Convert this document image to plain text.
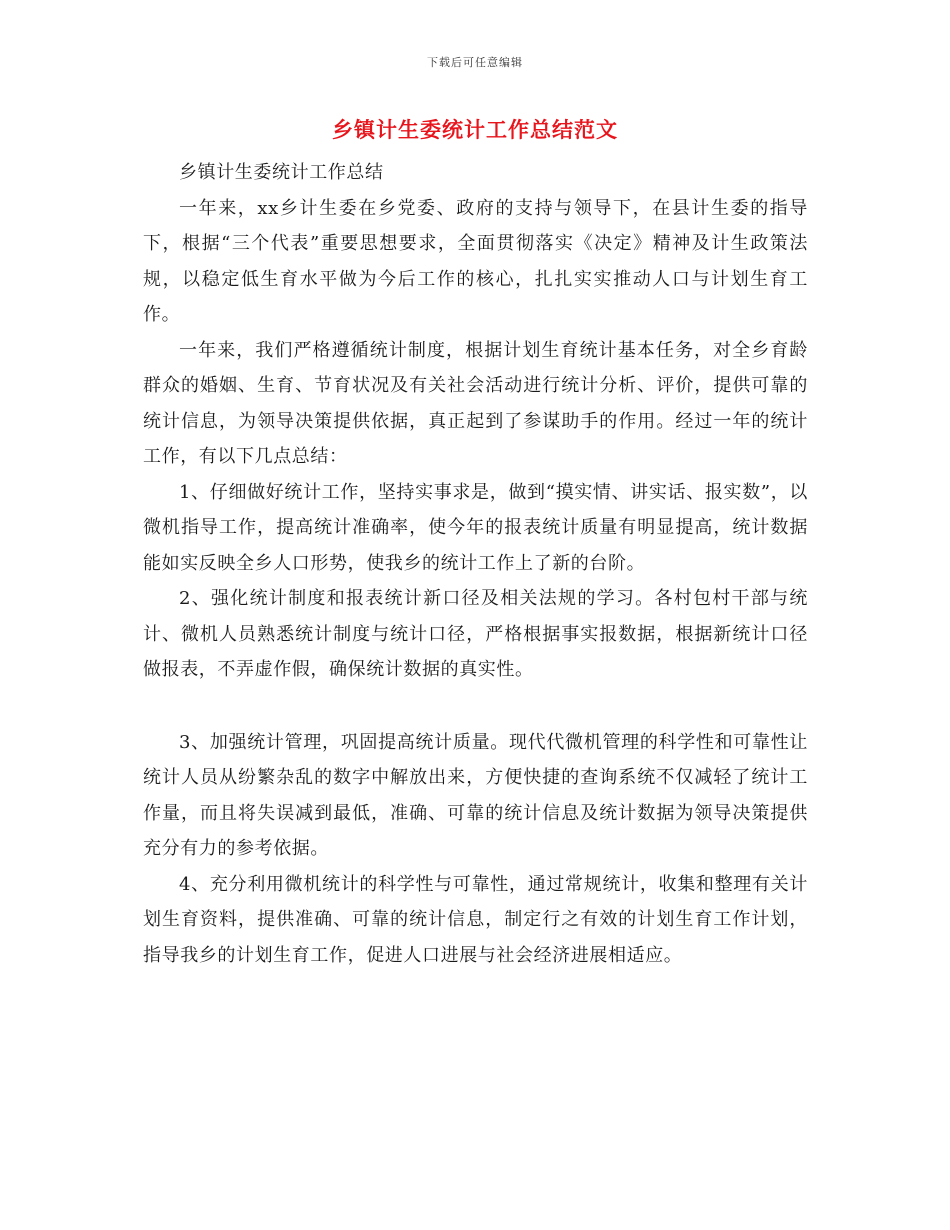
下载后可任意编辑
乡镇计生委统计工作总结范文

乡镇计生委统计工作总结

一年来，xx乡计生委在乡党委、政府的支持与领导下，在县计生委的指导下，根据“三个代表”重要思想要求，全面贯彻落实《决定》精神及计生政策法规，以稳定低生育水平做为今后工作的核心，扎扎实实推动人口与计划生育工作。

一年来，我们严格遵循统计制度，根据计划生育统计基本任务，对全乡育龄群众的婚姻、生育、节育状况及有关社会活动进行统计分析、评价，提供可靠的统计信息，为领导决策提供依据，真正起到了参谋助手的作用。经过一年的统计工作，有以下几点总结：

1、仔细做好统计工作，坚持实事求是，做到“摸实情、讲实话、报实数”，以微机指导工作，提高统计准确率，使今年的报表统计质量有明显提高，统计数据能如实反映全乡人口形势，使我乡的统计工作上了新的台阶。

2、强化统计制度和报表统计新口径及相关法规的学习。各村包村干部与统计、微机人员熟悉统计制度与统计口径，严格根据事实报数据，根据新统计口径做报表，不弄虚作假，确保统计数据的真实性。

3、加强统计管理，巩固提高统计质量。现代代微机管理的科学性和可靠性让统计人员从纷繁杂乱的数字中解放出来，方便快捷的查询系统不仅减轻了统计工作量，而且将失误减到最低，准确、可靠的统计信息及统计数据为领导决策提供充分有力的参考依据。

4、充分利用微机统计的科学性与可靠性，通过常规统计，收集和整理有关计划生育资料，提供准确、可靠的统计信息，制定行之有效的计划生育工作计划，指导我乡的计划生育工作，促进人口进展与社会经济进展相适应。
